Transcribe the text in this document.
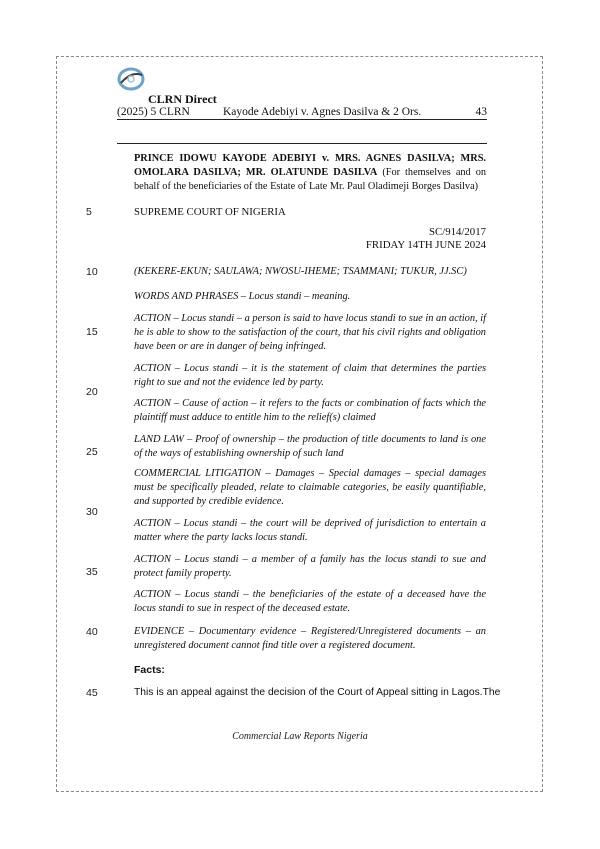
CLRN Direct
(2025) 5 CLRN	Kayode Adebiyi v. Agnes Dasilva & 2 Ors.	43
PRINCE IDOWU KAYODE ADEBIYI v. MRS. AGNES DASILVA; MRS. OMOLARA DASILVA; MR. OLATUNDE DASILVA (For themselves and on behalf of the beneficiaries of the Estate of Late Mr. Paul Oladimeji Borges Dasilva)
5	SUPREME COURT OF NIGERIA
SC/914/2017
FRIDAY 14TH JUNE 2024
10	(KEKERE-EKUN; SAULAWA; NWOSU-IHEME; TSAMMANI; TUKUR, JJ.SC)
WORDS AND PHRASES – Locus standi – meaning.
15
ACTION – Locus standi – a person is said to have locus standi to sue in an action, if he is able to show to the satisfaction of the court, that his civil rights and obligation have been or are in danger of being infringed.
ACTION – Locus standi – it is the statement of claim that determines the parties right to sue and not the evidence led by party.
20
ACTION – Cause of action – it refers to the facts or combination of facts which the plaintiff must adduce to entitle him to the relief(s) claimed
25
LAND LAW – Proof of ownership – the production of title documents to land is one of the ways of establishing ownership of such land
COMMERCIAL LITIGATION – Damages – Special damages – special damages must be specifically pleaded, relate to claimable categories, be easily quantifiable, and supported by credible evidence.
30
ACTION – Locus standi – the court will be deprived of jurisdiction to entertain a matter where the party lacks locus standi.
35
ACTION – Locus standi – a member of a family has the locus standi to sue and protect family property.
ACTION – Locus standi – the beneficiaries of the estate of a deceased have the locus standi to sue in respect of the deceased estate.
40	EVIDENCE – Documentary evidence – Registered/Unregistered documents – an unregistered document cannot find title over a registered document.
Facts:
45	This is an appeal against the decision of the Court of Appeal sitting in Lagos.The
Commercial Law Reports Nigeria
